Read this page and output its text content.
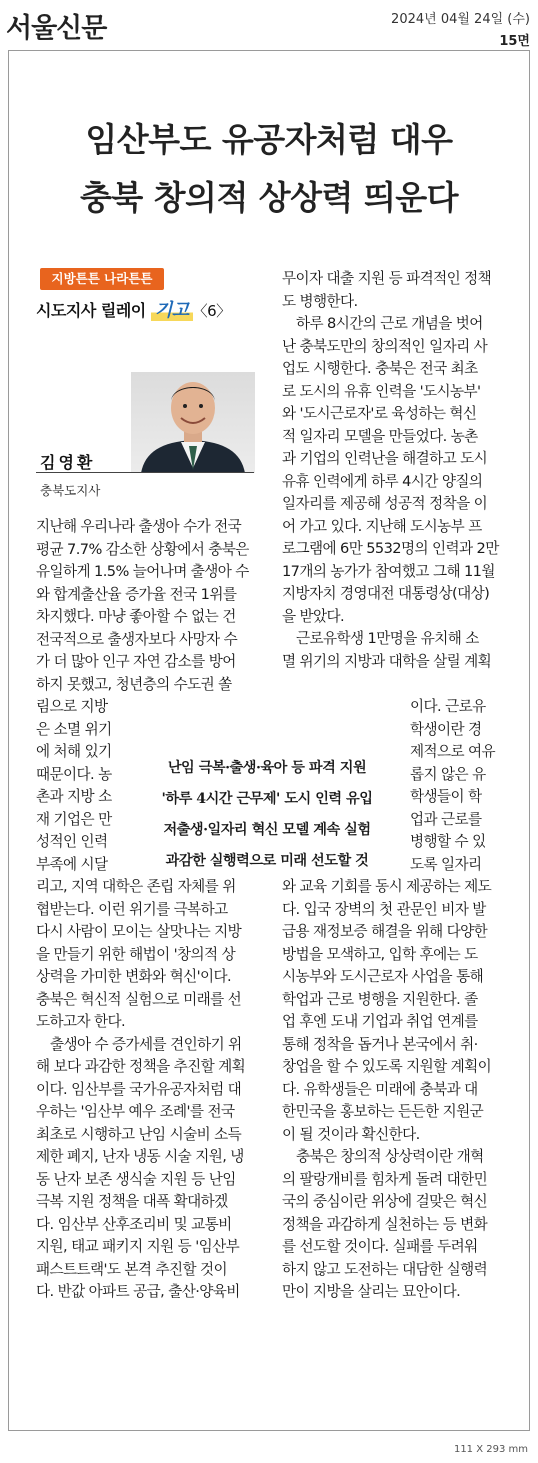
서울신문	2024년 04월 24일 (수)
15면
임산부도 유공자처럼 대우
충북 창의적 상상력 띄운다
지방튼튼 나라튼튼
시도지사 릴레이 기고 〈6〉
김영환
충북도지사
난임 극복·출생·육아 등 파격 지원
'하루 4시간 근무제' 도시 인력 유입
저출생·일자리 혁신 모델 계속 실험
과감한 실행력으로 미래 선도할 것
지난해 우리나라 출생아 수가 전국
평균 7.7% 감소한 상황에서 충북은
유일하게 1.5% 늘어나며 출생아 수
와 합계출산율 증가율 전국 1위를
차지했다. 마냥 좋아할 수 없는 건
전국적으로 출생자보다 사망자 수
가 더 많아 인구 자연 감소를 방어
하지 못했고, 청년층의 수도권 쏠
림으로 지방
은 소멸 위기
에 처해 있기
때문이다. 농
촌과 지방 소
재 기업은 만
성적인 인력
부족에 시달
리고, 지역 대학은 존립 자체를 위
협받는다. 이런 위기를 극복하고
다시 사람이 모이는 살맛나는 지방
을 만들기 위한 해법이 '창의적 상
상력을 가미한 변화와 혁신'이다.
충북은 혁신적 실험으로 미래를 선
도하고자 한다.
　출생아 수 증가세를 견인하기 위
해 보다 과감한 정책을 추진할 계획
이다. 임산부를 국가유공자처럼 대
우하는 '임산부 예우 조례'를 전국
최초로 시행하고 난임 시술비 소득
제한 폐지, 난자 냉동 시술 지원, 냉
동 난자 보존 생식술 지원 등 난임
극복 지원 정책을 대폭 확대하겠
다. 임산부 산후조리비 및 교통비
지원, 태교 패키지 지원 등 '임산부
패스트트랙'도 본격 추진할 것이
다. 반값 아파트 공급, 출산·양육비
무이자 대출 지원 등 파격적인 정책
도 병행한다.
　하루 8시간의 근로 개념을 벗어
난 충북도만의 창의적인 일자리 사
업도 시행한다. 충북은 전국 최초
로 도시의 유휴 인력을 '도시농부'
와 '도시근로자'로 육성하는 혁신
적 일자리 모델을 만들었다. 농촌
과 기업의 인력난을 해결하고 도시
유휴 인력에게 하루 4시간 양질의
일자리를 제공해 성공적 정착을 이
어 가고 있다. 지난해 도시농부 프
로그램에 6만 5532명의 인력과 2만
17개의 농가가 참여했고 그해 11월
지방자치 경영대전 대통령상(대상)
을 받았다.
　근로유학생 1만명을 유치해 소
멸 위기의 지방과 대학을 살릴 계획
이다. 근로유
학생이란 경
제적으로 여유
롭지 않은 유
학생들이 학
업과 근로를
병행할 수 있
도록 일자리
와 교육 기회를 동시 제공하는 제도
다. 입국 장벽의 첫 관문인 비자 발
급용 재정보증 해결을 위해 다양한
방법을 모색하고, 입학 후에는 도
시농부와 도시근로자 사업을 통해
학업과 근로 병행을 지원한다. 졸
업 후엔 도내 기업과 취업 연계를
통해 정착을 돕거나 본국에서 취·
창업을 할 수 있도록 지원할 계획이
다. 유학생들은 미래에 충북과 대
한민국을 홍보하는 든든한 지원군
이 될 것이라 확신한다.
　충북은 창의적 상상력이란 개혁
의 팔랑개비를 힘차게 돌려 대한민
국의 중심이란 위상에 걸맞은 혁신
정책을 과감하게 실천하는 등 변화
를 선도할 것이다. 실패를 두려워
하지 않고 도전하는 대담한 실행력
만이 지방을 살리는 묘안이다.
111 X 293 mm
